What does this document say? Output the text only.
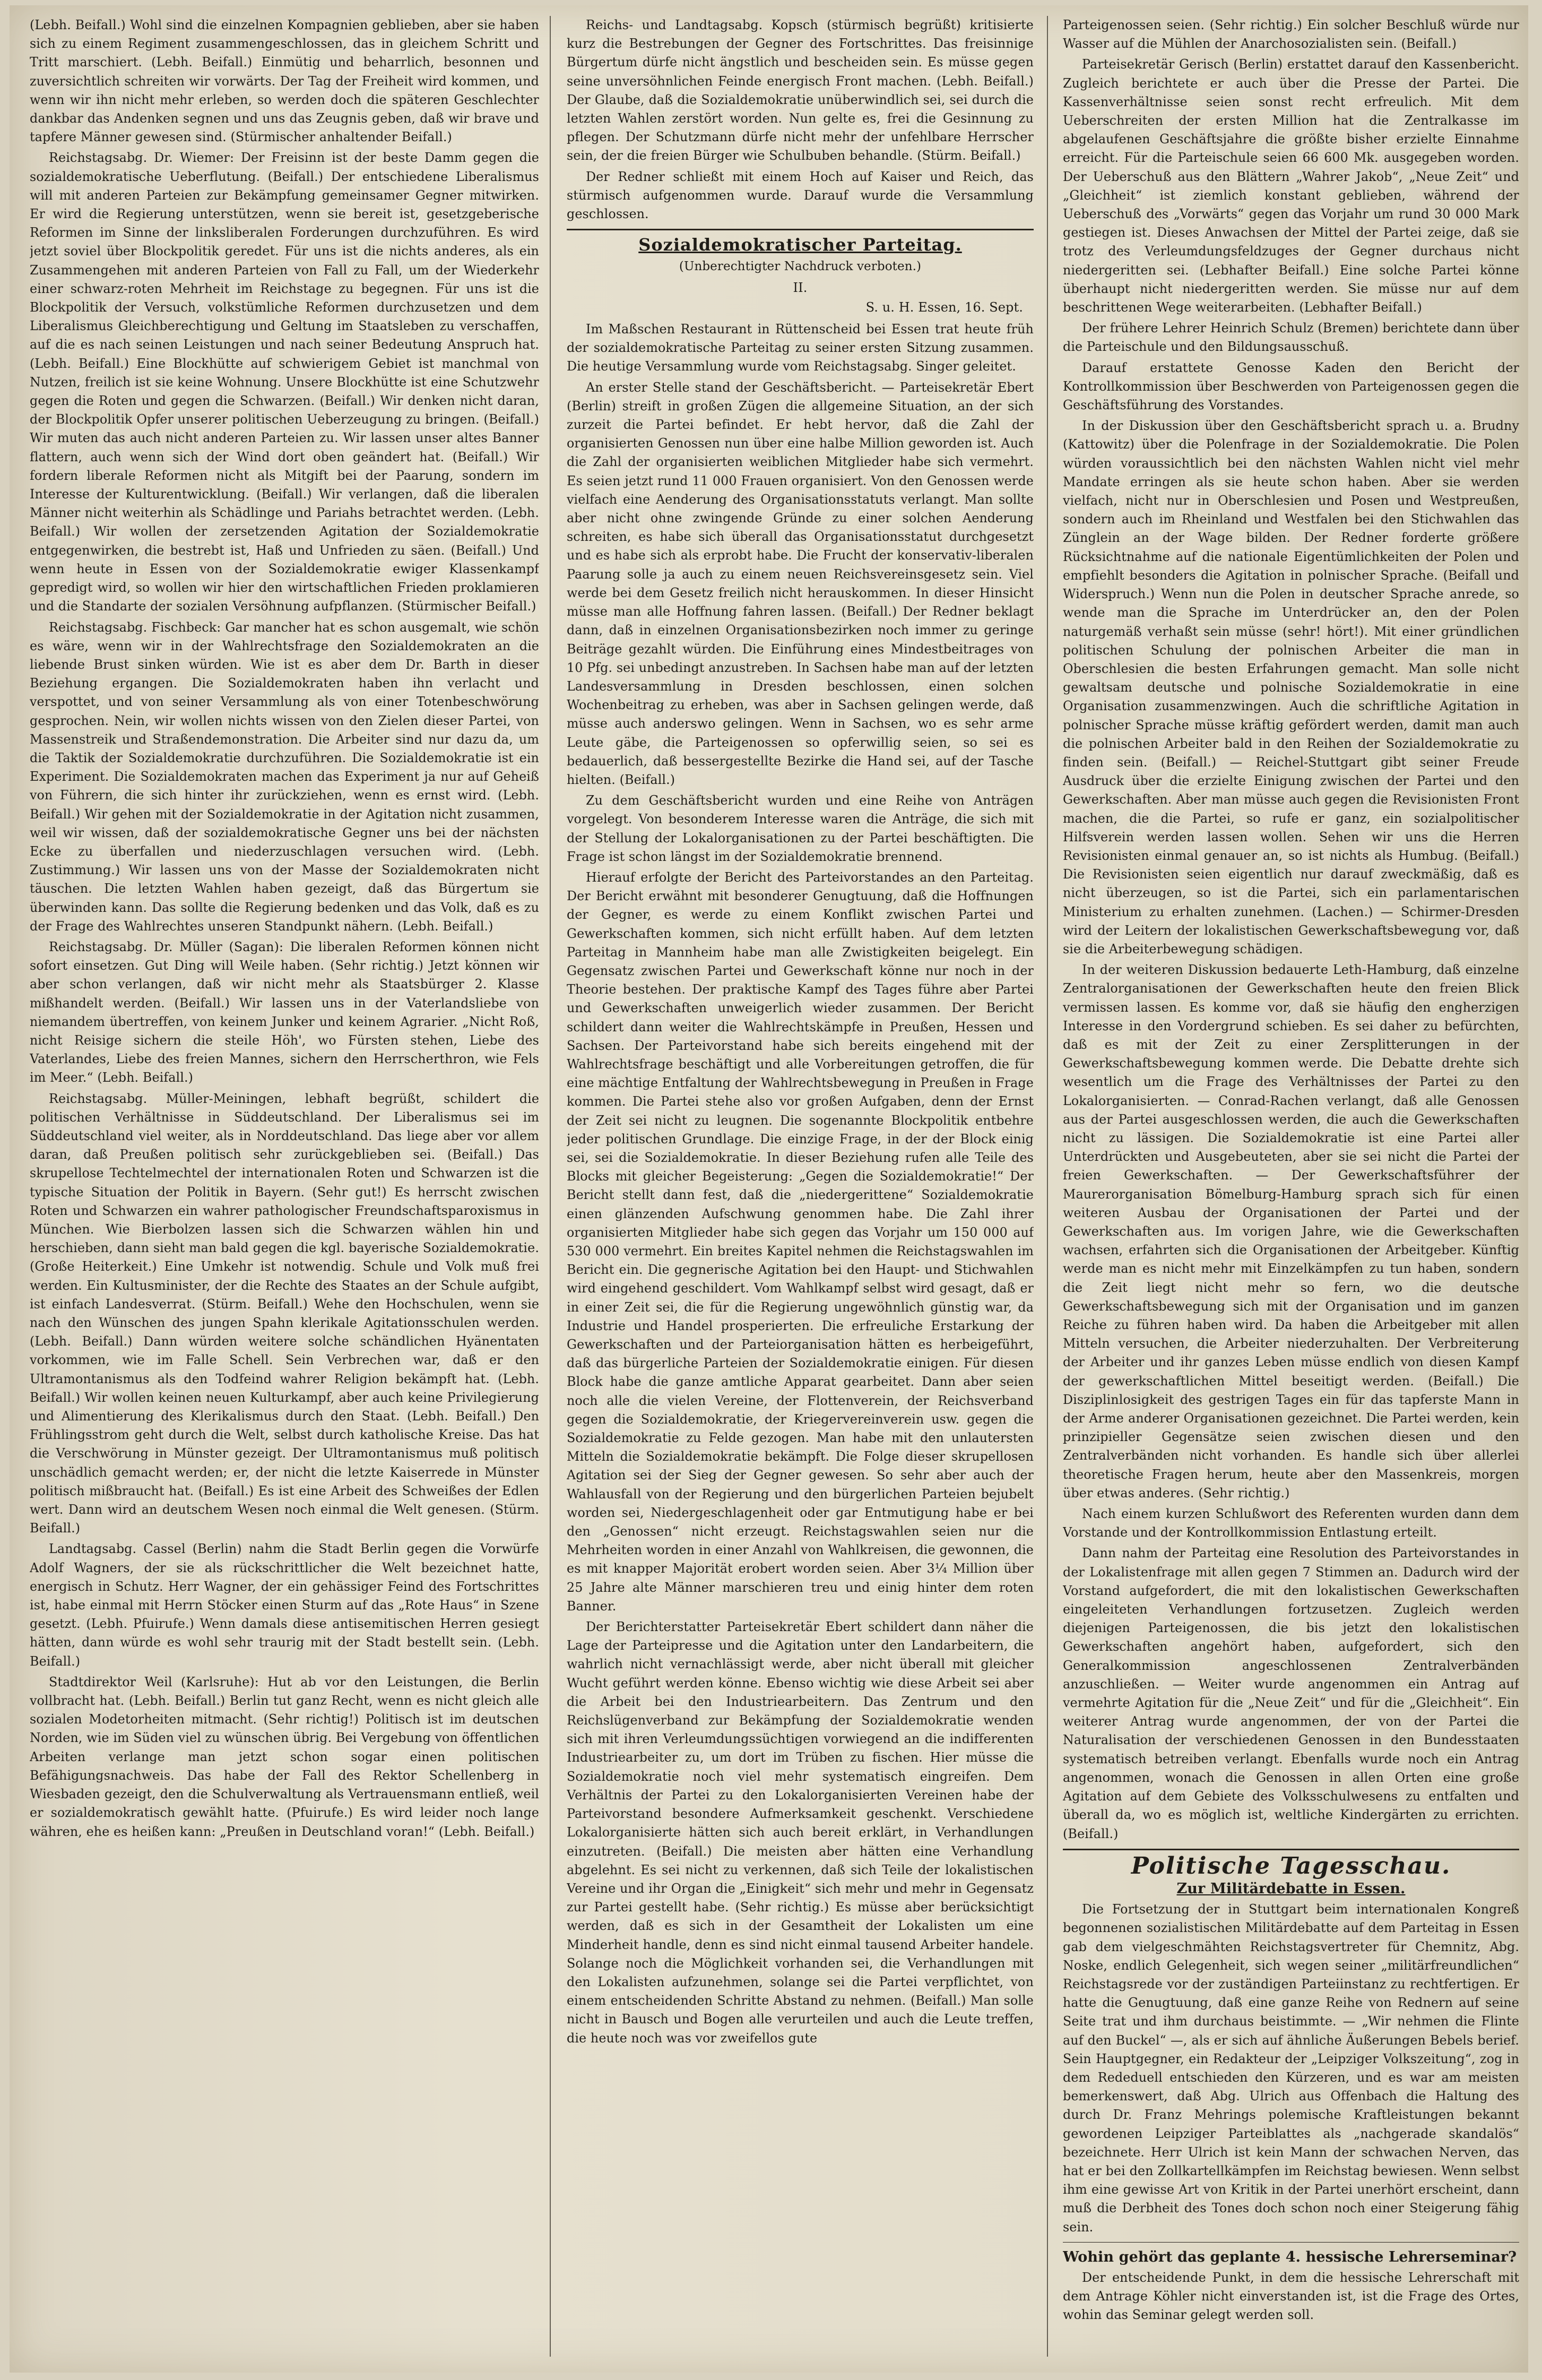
(Lebh. Beifall.) Wohl sind die einzelnen Kompagnien geblieben, aber sie haben sich zu einem Regiment zusammengeschlossen, das in gleichem Schritt und Tritt marschiert. (Lebh. Beifall.) Einmütig und beharrlich, besonnen und zuversichtlich schreiten wir vorwärts. Der Tag der Freiheit wird kommen, und wenn wir ihn nicht mehr erleben, so werden doch die späteren Geschlechter dankbar das Andenken segnen und uns das Zeugnis geben, daß wir brave und tapfere Männer gewesen sind. (Stürmischer anhaltender Beifall.)

Reichstagsabg. Dr. Wiemer: Der Freisinn ist der beste Damm gegen die sozialdemokratische Ueberflutung. (Beifall.) Der entschiedene Liberalismus will mit anderen Parteien zur Bekämpfung gemeinsamer Gegner mitwirken. Er wird die Regierung unterstützen, wenn sie bereit ist, gesetzgeberische Reformen im Sinne der linksliberalen Forderungen durchzuführen. Es wird jetzt soviel über Blockpolitik geredet. Für uns ist die nichts anderes, als ein Zusammengehen mit anderen Parteien von Fall zu Fall, um der Wiederkehr einer schwarz-roten Mehrheit im Reichstage zu begegnen. Für uns ist die Blockpolitik der Versuch, volkstümliche Reformen durchzusetzen und dem Liberalismus Gleichberechtigung und Geltung im Staatsleben zu verschaffen, auf die es nach seinen Leistungen und nach seiner Bedeutung Anspruch hat. (Lebh. Beifall.) Eine Blockhütte auf schwierigem Gebiet ist manchmal von Nutzen, freilich ist sie keine Wohnung. Unsere Blockhütte ist eine Schutzwehr gegen die Roten und gegen die Schwarzen. (Beifall.) Wir denken nicht daran, der Blockpolitik Opfer unserer politischen Ueberzeugung zu bringen. (Beifall.) Wir muten das auch nicht anderen Parteien zu. Wir lassen unser altes Banner flattern, auch wenn sich der Wind dort oben geändert hat. (Beifall.) Wir fordern liberale Reformen nicht als Mitgift bei der Paarung, sondern im Interesse der Kulturentwicklung. (Beifall.) Wir verlangen, daß die liberalen Männer nicht weiterhin als Schädlinge und Pariahs betrachtet werden. (Lebh. Beifall.) Wir wollen der zersetzenden Agitation der Sozialdemokratie entgegenwirken, die bestrebt ist, Haß und Unfrieden zu säen. (Beifall.) Und wenn heute in Essen von der Sozialdemokratie ewiger Klassenkampf gepredigt wird, so wollen wir hier den wirtschaftlichen Frieden proklamieren und die Standarte der sozialen Versöhnung aufpflanzen. (Stürmischer Beifall.)

Reichstagsabg. Fischbeck: Gar mancher hat es schon ausgemalt, wie schön es wäre, wenn wir in der Wahlrechtsfrage den Sozialdemokraten an die liebende Brust sinken würden. Wie ist es aber dem Dr. Barth in dieser Beziehung ergangen. Die Sozialdemokraten haben ihn verlacht und verspottet, und von seiner Versammlung als von einer Totenbeschwörung gesprochen. Nein, wir wollen nichts wissen von den Zielen dieser Partei, von Massenstreik und Straßendemonstration. Die Arbeiter sind nur dazu da, um die Taktik der Sozialdemokratie durchzuführen. Die Sozialdemokratie ist ein Experiment. Die Sozialdemokraten machen das Experiment ja nur auf Geheiß von Führern, die sich hinter ihr zurückziehen, wenn es ernst wird. (Lebh. Beifall.) Wir gehen mit der Sozialdemokratie in der Agitation nicht zusammen, weil wir wissen, daß der sozialdemokratische Gegner uns bei der nächsten Ecke zu überfallen und niederzuschlagen versuchen wird. (Lebh. Zustimmung.) Wir lassen uns von der Masse der Sozialdemokraten nicht täuschen. Die letzten Wahlen haben gezeigt, daß das Bürgertum sie überwinden kann. Das sollte die Regierung bedenken und das Volk, daß es zu der Frage des Wahlrechtes unseren Standpunkt nähern. (Lebh. Beifall.)

Reichstagsabg. Dr. Müller (Sagan): Die liberalen Reformen können nicht sofort einsetzen. Gut Ding will Weile haben. (Sehr richtig.) Jetzt können wir aber schon verlangen, daß wir nicht mehr als Staatsbürger 2. Klasse mißhandelt werden. (Beifall.) Wir lassen uns in der Vaterlandsliebe von niemandem übertreffen, von keinem Junker und keinem Agrarier. „Nicht Roß, nicht Reisige sichern die steile Höh', wo Fürsten stehen, Liebe des Vaterlandes, Liebe des freien Mannes, sichern den Herrscherthron, wie Fels im Meer.“ (Lebh. Beifall.)

Reichstagsabg. Müller-Meiningen, lebhaft begrüßt, schildert die politischen Verhältnisse in Süddeutschland. Der Liberalismus sei im Süddeutschland viel weiter, als in Norddeutschland. Das liege aber vor allem daran, daß Preußen politisch sehr zurückgeblieben sei. (Beifall.) Das skrupellose Techtelmechtel der internationalen Roten und Schwarzen ist die typische Situation der Politik in Bayern. (Sehr gut!) Es herrscht zwischen Roten und Schwarzen ein wahrer pathologischer Freundschaftsparoxismus in München. Wie Bierbolzen lassen sich die Schwarzen wählen hin und herschieben, dann sieht man bald gegen die kgl. bayerische Sozialdemokratie. (Große Heiterkeit.) Eine Umkehr ist notwendig. Schule und Volk muß frei werden. Ein Kultusminister, der die Rechte des Staates an der Schule aufgibt, ist einfach Landesverrat. (Stürm. Beifall.) Wehe den Hochschulen, wenn sie nach den Wünschen des jungen Spahn klerikale Agitationsschulen werden. (Lebh. Beifall.) Dann würden weitere solche schändlichen Hyänentaten vorkommen, wie im Falle Schell. Sein Verbrechen war, daß er den Ultramontanismus als den Todfeind wahrer Religion bekämpft hat. (Lebh. Beifall.) Wir wollen keinen neuen Kulturkampf, aber auch keine Privilegierung und Alimentierung des Klerikalismus durch den Staat. (Lebh. Beifall.) Den Frühlingsstrom geht durch die Welt, selbst durch katholische Kreise. Das hat die Verschwörung in Münster gezeigt. Der Ultramontanismus muß politisch unschädlich gemacht werden; er, der nicht die letzte Kaiserrede in Münster politisch mißbraucht hat. (Beifall.) Es ist eine Arbeit des Schweißes der Edlen wert. Dann wird an deutschem Wesen noch einmal die Welt genesen. (Stürm. Beifall.)

Landtagsabg. Cassel (Berlin) nahm die Stadt Berlin gegen die Vorwürfe Adolf Wagners, der sie als rückschrittlicher die Welt bezeichnet hatte, energisch in Schutz. Herr Wagner, der ein gehässiger Feind des Fortschrittes ist, habe einmal mit Herrn Stöcker einen Sturm auf das „Rote Haus“ in Szene gesetzt. (Lebh. Pfuirufe.) Wenn damals diese antisemitischen Herren gesiegt hätten, dann würde es wohl sehr traurig mit der Stadt bestellt sein. (Lebh. Beifall.)

Stadtdirektor Weil (Karlsruhe): Hut ab vor den Leistungen, die Berlin vollbracht hat. (Lebh. Beifall.) Berlin tut ganz Recht, wenn es nicht gleich alle sozialen Modetorheiten mitmacht. (Sehr richtig!) Politisch ist im deutschen Norden, wie im Süden viel zu wünschen übrig. Bei Vergebung von öffentlichen Arbeiten verlange man jetzt schon sogar einen politischen Befähigungsnachweis. Das habe der Fall des Rektor Schellenberg in Wiesbaden gezeigt, den die Schulverwaltung als Vertrauensmann entließ, weil er sozialdemokratisch gewählt hatte. (Pfuirufe.) Es wird leider noch lange währen, ehe es heißen kann: „Preußen in Deutschland voran!“ (Lebh. Beifall.)

Reichs- und Landtagsabg. Kopsch (stürmisch begrüßt) kritisierte kurz die Bestrebungen der Gegner des Fortschrittes. Das freisinnige Bürgertum dürfe nicht ängstlich und bescheiden sein. Es müsse gegen seine unversöhnlichen Feinde energisch Front machen. (Lebh. Beifall.) Der Glaube, daß die Sozialdemokratie unüberwindlich sei, sei durch die letzten Wahlen zerstört worden. Nun gelte es, frei die Gesinnung zu pflegen. Der Schutzmann dürfe nicht mehr der unfehlbare Herrscher sein, der die freien Bürger wie Schulbuben behandle. (Stürm. Beifall.)

Der Redner schließt mit einem Hoch auf Kaiser und Reich, das stürmisch aufgenommen wurde. Darauf wurde die Versammlung geschlossen.

Sozialdemokratischer Parteitag.
(Unberechtigter Nachdruck verboten.)
II.
S. u. H. Essen, 16. Sept.

Im Maßschen Restaurant in Rüttenscheid bei Essen trat heute früh der sozialdemokratische Parteitag zu seiner ersten Sitzung zusammen. Die heutige Versammlung wurde vom Reichstagsabg. Singer geleitet.

An erster Stelle stand der Geschäftsbericht. — Parteisekretär Ebert (Berlin) streift in großen Zügen die allgemeine Situation, an der sich zurzeit die Partei befindet. Er hebt hervor, daß die Zahl der organisierten Genossen nun über eine halbe Million geworden ist. Auch die Zahl der organisierten weiblichen Mitglieder habe sich vermehrt. Es seien jetzt rund 11 000 Frauen organisiert. Von den Genossen werde vielfach eine Aenderung des Organisationsstatuts verlangt. Man sollte aber nicht ohne zwingende Gründe zu einer solchen Aenderung schreiten, es habe sich überall das Organisationsstatut durchgesetzt und es habe sich als erprobt habe. Die Frucht der konservativ-liberalen Paarung solle ja auch zu einem neuen Reichsvereinsgesetz sein. Viel werde bei dem Gesetz freilich nicht herauskommen. In dieser Hinsicht müsse man alle Hoffnung fahren lassen. (Beifall.) Der Redner beklagt dann, daß in einzelnen Organisationsbezirken noch immer zu geringe Beiträge gezahlt würden. Die Einführung eines Mindestbeitrages von 10 Pfg. sei unbedingt anzustreben. In Sachsen habe man auf der letzten Landesversammlung in Dresden beschlossen, einen solchen Wochenbeitrag zu erheben, was aber in Sachsen gelingen werde, daß müsse auch anderswo gelingen. Wenn in Sachsen, wo es sehr arme Leute gäbe, die Parteigenossen so opferwillig seien, so sei es bedauerlich, daß bessergestellte Bezirke die Hand sei, auf der Tasche hielten. (Beifall.)

Zu dem Geschäftsbericht wurden und eine Reihe von Anträgen vorgelegt. Von besonderem Interesse waren die Anträge, die sich mit der Stellung der Lokalorganisationen zu der Partei beschäftigten. Die Frage ist schon längst im der Sozialdemokratie brennend.

Hierauf erfolgte der Bericht des Parteivorstandes an den Parteitag. Der Bericht erwähnt mit besonderer Genugtuung, daß die Hoffnungen der Gegner, es werde zu einem Konflikt zwischen Partei und Gewerkschaften kommen, sich nicht erfüllt haben. Auf dem letzten Parteitag in Mannheim habe man alle Zwistigkeiten beigelegt. Ein Gegensatz zwischen Partei und Gewerkschaft könne nur noch in der Theorie bestehen. Der praktische Kampf des Tages führe aber Partei und Gewerkschaften unweigerlich wieder zusammen. Der Bericht schildert dann weiter die Wahlrechtskämpfe in Preußen, Hessen und Sachsen. Der Parteivorstand habe sich bereits eingehend mit der Wahlrechtsfrage beschäftigt und alle Vorbereitungen getroffen, die für eine mächtige Entfaltung der Wahlrechtsbewegung in Preußen in Frage kommen. Die Partei stehe also vor großen Aufgaben, denn der Ernst der Zeit sei nicht zu leugnen. Die sogenannte Blockpolitik entbehre jeder politischen Grundlage. Die einzige Frage, in der der Block einig sei, sei die Sozialdemokratie. In dieser Beziehung rufen alle Teile des Blocks mit gleicher Begeisterung: „Gegen die Sozialdemokratie!“ Der Bericht stellt dann fest, daß die „niedergerittene“ Sozialdemokratie einen glänzenden Aufschwung genommen habe. Die Zahl ihrer organisierten Mitglieder habe sich gegen das Vorjahr um 150 000 auf 530 000 vermehrt. Ein breites Kapitel nehmen die Reichstagswahlen im Bericht ein. Die gegnerische Agitation bei den Haupt- und Stichwahlen wird eingehend geschildert. Vom Wahlkampf selbst wird gesagt, daß er in einer Zeit sei, die für die Regierung ungewöhnlich günstig war, da Industrie und Handel prosperierten. Die erfreuliche Erstarkung der Gewerkschaften und der Parteiorganisation hätten es herbeigeführt, daß das bürgerliche Parteien der Sozialdemokratie einigen. Für diesen Block habe die ganze amtliche Apparat gearbeitet. Dann aber seien noch alle die vielen Vereine, der Flottenverein, der Reichsverband gegen die Sozialdemokratie, der Kriegervereinverein usw. gegen die Sozialdemokratie zu Felde gezogen. Man habe mit den unlautersten Mitteln die Sozialdemokratie bekämpft. Die Folge dieser skrupellosen Agitation sei der Sieg der Gegner gewesen. So sehr aber auch der Wahlausfall von der Regierung und den bürgerlichen Parteien bejubelt worden sei, Niedergeschlagenheit oder gar Entmutigung habe er bei den „Genossen“ nicht erzeugt. Reichstagswahlen seien nur die Mehrheiten worden in einer Anzahl von Wahlkreisen, die gewonnen, die es mit knapper Majorität erobert worden seien. Aber 3¼ Million über 25 Jahre alte Männer marschieren treu und einig hinter dem roten Banner.

Der Berichterstatter Parteisekretär Ebert schildert dann näher die Lage der Parteipresse und die Agitation unter den Landarbeitern, die wahrlich nicht vernachlässigt werde, aber nicht überall mit gleicher Wucht geführt werden könne. Ebenso wichtig wie diese Arbeit sei aber die Arbeit bei den Industriearbeitern. Das Zentrum und den Reichslügenverband zur Bekämpfung der Sozialdemokratie wenden sich mit ihren Verleumdungssüchtigen vorwiegend an die indifferenten Industriearbeiter zu, um dort im Trüben zu fischen. Hier müsse die Sozialdemokratie noch viel mehr systematisch eingreifen. Dem Verhältnis der Partei zu den Lokalorganisierten Vereinen habe der Parteivorstand besondere Aufmerksamkeit geschenkt. Verschiedene Lokalorganisierte hätten sich auch bereit erklärt, in Verhandlungen einzutreten. (Beifall.) Die meisten aber hätten eine Verhandlung abgelehnt. Es sei nicht zu verkennen, daß sich Teile der lokalistischen Vereine und ihr Organ die „Einigkeit“ sich mehr und mehr in Gegensatz zur Partei gestellt habe. (Sehr richtig.) Es müsse aber berücksichtigt werden, daß es sich in der Gesamtheit der Lokalisten um eine Minderheit handle, denn es sind nicht einmal tausend Arbeiter handele. Solange noch die Möglichkeit vorhanden sei, die Verhandlungen mit den Lokalisten aufzunehmen, solange sei die Partei verpflichtet, von einem entscheidenden Schritte Abstand zu nehmen. (Beifall.) Man solle nicht in Bausch und Bogen alle verurteilen und auch die Leute treffen, die heute noch was vor zweifellos gute

Parteigenossen seien. (Sehr richtig.) Ein solcher Beschluß würde nur Wasser auf die Mühlen der Anarchosozialisten sein. (Beifall.)

Parteisekretär Gerisch (Berlin) erstattet darauf den Kassenbericht. Zugleich berichtete er auch über die Presse der Partei. Die Kassenverhältnisse seien sonst recht erfreulich. Mit dem Ueberschreiten der ersten Million hat die Zentralkasse im abgelaufenen Geschäftsjahre die größte bisher erzielte Einnahme erreicht. Für die Parteischule seien 66 600 Mk. ausgegeben worden. Der Ueberschuß aus den Blättern „Wahrer Jakob“, „Neue Zeit“ und „Gleichheit“ ist ziemlich konstant geblieben, während der Ueberschuß des „Vorwärts“ gegen das Vorjahr um rund 30 000 Mark gestiegen ist. Dieses Anwachsen der Mittel der Partei zeige, daß sie trotz des Verleumdungsfeldzuges der Gegner durchaus nicht niedergeritten sei. (Lebhafter Beifall.) Eine solche Partei könne überhaupt nicht niedergeritten werden. Sie müsse nur auf dem beschrittenen Wege weiterarbeiten. (Lebhafter Beifall.)

Der frühere Lehrer Heinrich Schulz (Bremen) berichtete dann über die Parteischule und den Bildungsausschuß.

Darauf erstattete Genosse Kaden den Bericht der Kontrollkommission über Beschwerden von Parteigenossen gegen die Geschäftsführung des Vorstandes.

In der Diskussion über den Geschäftsbericht sprach u. a. Brudny (Kattowitz) über die Polenfrage in der Sozialdemokratie. Die Polen würden voraussichtlich bei den nächsten Wahlen nicht viel mehr Mandate erringen als sie heute schon haben. Aber sie werden vielfach, nicht nur in Oberschlesien und Posen und Westpreußen, sondern auch im Rheinland und Westfalen bei den Stichwahlen das Zünglein an der Wage bilden. Der Redner forderte größere Rücksichtnahme auf die nationale Eigentümlichkeiten der Polen und empfiehlt besonders die Agitation in polnischer Sprache. (Beifall und Widerspruch.) Wenn nun die Polen in deutscher Sprache anrede, so wende man die Sprache im Unterdrücker an, den der Polen naturgemäß verhaßt sein müsse (sehr! hört!). Mit einer gründlichen politischen Schulung der polnischen Arbeiter die man in Oberschlesien die besten Erfahrungen gemacht. Man solle nicht gewaltsam deutsche und polnische Sozialdemokratie in eine Organisation zusammenzwingen. Auch die schriftliche Agitation in polnischer Sprache müsse kräftig gefördert werden, damit man auch die polnischen Arbeiter bald in den Reihen der Sozialdemokratie zu finden sein. (Beifall.) — Reichel-Stuttgart gibt seiner Freude Ausdruck über die erzielte Einigung zwischen der Partei und den Gewerkschaften. Aber man müsse auch gegen die Revisionisten Front machen, die die Partei, so rufe er ganz, ein sozialpolitischer Hilfsverein werden lassen wollen. Sehen wir uns die Herren Revisionisten einmal genauer an, so ist nichts als Humbug. (Beifall.) Die Revisionisten seien eigentlich nur darauf zweckmäßig, daß es nicht überzeugen, so ist die Partei, sich ein parlamentarischen Ministerium zu erhalten zunehmen. (Lachen.) — Schirmer-Dresden wird der Leitern der lokalistischen Gewerkschaftsbewegung vor, daß sie die Arbeiterbewegung schädigen.

In der weiteren Diskussion bedauerte Leth-Hamburg, daß einzelne Zentralorganisationen der Gewerkschaften heute den freien Blick vermissen lassen. Es komme vor, daß sie häufig den engherzigen Interesse in den Vordergrund schieben. Es sei daher zu befürchten, daß es mit der Zeit zu einer Zersplitterungen in der Gewerkschaftsbewegung kommen werde. Die Debatte drehte sich wesentlich um die Frage des Verhältnisses der Partei zu den Lokalorganisierten. — Conrad-Rachen verlangt, daß alle Genossen aus der Partei ausgeschlossen werden, die auch die Gewerkschaften nicht zu lässigen. Die Sozialdemokratie ist eine Partei aller Unterdrückten und Ausgebeuteten, aber sie sei nicht die Partei der freien Gewerkschaften. — Der Gewerkschaftsführer der Maurerorganisation Bömelburg-Hamburg sprach sich für einen weiteren Ausbau der Organisationen der Partei und der Gewerkschaften aus. Im vorigen Jahre, wie die Gewerkschaften wachsen, erfahrten sich die Organisationen der Arbeitgeber. Künftig werde man es nicht mehr mit Einzelkämpfen zu tun haben, sondern die Zeit liegt nicht mehr so fern, wo die deutsche Gewerkschaftsbewegung sich mit der Organisation und im ganzen Reiche zu führen haben wird. Da haben die Arbeitgeber mit allen Mitteln versuchen, die Arbeiter niederzuhalten. Der Verbreiterung der Arbeiter und ihr ganzes Leben müsse endlich von diesen Kampf der gewerkschaftlichen Mittel beseitigt werden. (Beifall.) Die Disziplinlosigkeit des gestrigen Tages ein für das tapferste Mann in der Arme anderer Organisationen gezeichnet. Die Partei werden, kein prinzipieller Gegensätze seien zwischen diesen und den Zentralverbänden nicht vorhanden. Es handle sich über allerlei theoretische Fragen herum, heute aber den Massenkreis, morgen über etwas anderes. (Sehr richtig.)

Nach einem kurzen Schlußwort des Referenten wurden dann dem Vorstande und der Kontrollkommission Entlastung erteilt.

Dann nahm der Parteitag eine Resolution des Parteivorstandes in der Lokalistenfrage mit allen gegen 7 Stimmen an. Dadurch wird der Vorstand aufgefordert, die mit den lokalistischen Gewerkschaften eingeleiteten Verhandlungen fortzusetzen. Zugleich werden diejenigen Parteigenossen, die bis jetzt den lokalistischen Gewerkschaften angehört haben, aufgefordert, sich den Generalkommission angeschlossenen Zentralverbänden anzuschließen. — Weiter wurde angenommen ein Antrag auf vermehrte Agitation für die „Neue Zeit“ und für die „Gleichheit“. Ein weiterer Antrag wurde angenommen, der von der Partei die Naturalisation der verschiedenen Genossen in den Bundesstaaten systematisch betreiben verlangt. Ebenfalls wurde noch ein Antrag angenommen, wonach die Genossen in allen Orten eine große Agitation auf dem Gebiete des Volksschulwesens zu entfalten und überall da, wo es möglich ist, weltliche Kindergärten zu errichten. (Beifall.)

Politische Tagesschau.
Zur Militärdebatte in Essen.

Die Fortsetzung der in Stuttgart beim internationalen Kongreß begonnenen sozialistischen Militärdebatte auf dem Parteitag in Essen gab dem vielgeschmähten Reichstagsvertreter für Chemnitz, Abg. Noske, endlich Gelegenheit, sich wegen seiner „militärfreundlichen“ Reichstagsrede vor der zuständigen Parteiinstanz zu rechtfertigen. Er hatte die Genugtuung, daß eine ganze Reihe von Rednern auf seine Seite trat und ihm durchaus beistimmte. — „Wir nehmen die Flinte auf den Buckel“ —, als er sich auf ähnliche Äußerungen Bebels berief. Sein Hauptgegner, ein Redakteur der „Leipziger Volkszeitung“, zog in dem Rededuell entschieden den Kürzeren, und es war am meisten bemerkenswert, daß Abg. Ulrich aus Offenbach die Haltung des durch Dr. Franz Mehrings polemische Kraftleistungen bekannt gewordenen Leipziger Parteiblattes als „nachgerade skandalös“ bezeichnete. Herr Ulrich ist kein Mann der schwachen Nerven, das hat er bei den Zollkartellkämpfen im Reichstag bewiesen. Wenn selbst ihm eine gewisse Art von Kritik in der Partei unerhört erscheint, dann muß die Derbheit des Tones doch schon noch einer Steigerung fähig sein.

Wohin gehört das geplante 4. hessische Lehrerseminar?

Der entscheidende Punkt, in dem die hessische Lehrerschaft mit dem Antrage Köhler nicht einverstanden ist, ist die Frage des Ortes, wohin das Seminar gelegt werden soll.
